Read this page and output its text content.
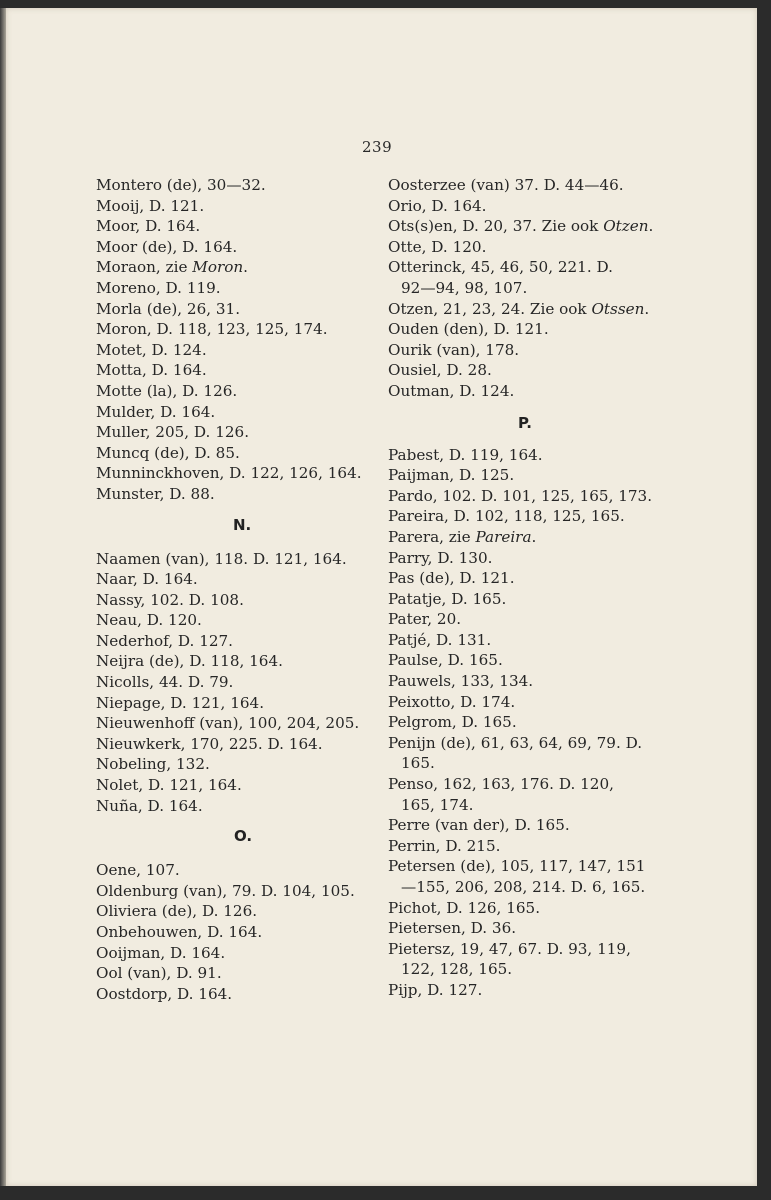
239
Montero (de), 30—32.
Mooij, D. 121.
Moor, D. 164.
Moor (de), D. 164.
Moraon, zie Moron.
Moreno, D. 119.
Morla (de), 26, 31.
Moron, D. 118, 123, 125, 174.
Motet, D. 124.
Motta, D. 164.
Motte (la), D. 126.
Mulder, D. 164.
Muller, 205, D. 126.
Muncq (de), D. 85.
Munninckhoven, D. 122, 126, 164.
Munster, D. 88.
N.
Naamen (van), 118. D. 121, 164.
Naar, D. 164.
Nassy, 102. D. 108.
Neau, D. 120.
Nederhof, D. 127.
Neijra (de), D. 118, 164.
Nicolls, 44. D. 79.
Niepage, D. 121, 164.
Nieuwenhoff (van), 100, 204, 205.
Nieuwkerk, 170, 225. D. 164.
Nobeling, 132.
Nolet, D. 121, 164.
Nuña, D. 164.
O.
Oene, 107.
Oldenburg (van), 79. D. 104, 105.
Oliviera (de), D. 126.
Onbehouwen, D. 164.
Ooijman, D. 164.
Ool (van), D. 91.
Oostdorp, D. 164.
Oosterzee (van) 37. D. 44—46.
Orio, D. 164.
Ots(s)en, D. 20, 37. Zie ook Otzen.
Otte, D. 120.
Otterinck, 45, 46, 50, 221. D.
92—94, 98, 107.
Otzen, 21, 23, 24. Zie ook Otssen.
Ouden (den), D. 121.
Ourik (van), 178.
Ousiel, D. 28.
Outman, D. 124.
P.
Pabest, D. 119, 164.
Paijman, D. 125.
Pardo, 102. D. 101, 125, 165, 173.
Pareira, D. 102, 118, 125, 165.
Parera, zie Pareira.
Parry, D. 130.
Pas (de), D. 121.
Patatje, D. 165.
Pater, 20.
Patjé, D. 131.
Paulse, D. 165.
Pauwels, 133, 134.
Peixotto, D. 174.
Pelgrom, D. 165.
Penijn (de), 61, 63, 64, 69, 79. D.
165.
Penso, 162, 163, 176. D. 120,
165, 174.
Perre (van der), D. 165.
Perrin, D. 215.
Petersen (de), 105, 117, 147, 151
—155, 206, 208, 214. D. 6, 165.
Pichot, D. 126, 165.
Pietersen, D. 36.
Pietersz, 19, 47, 67. D. 93, 119,
122, 128, 165.
Pijp, D. 127.
